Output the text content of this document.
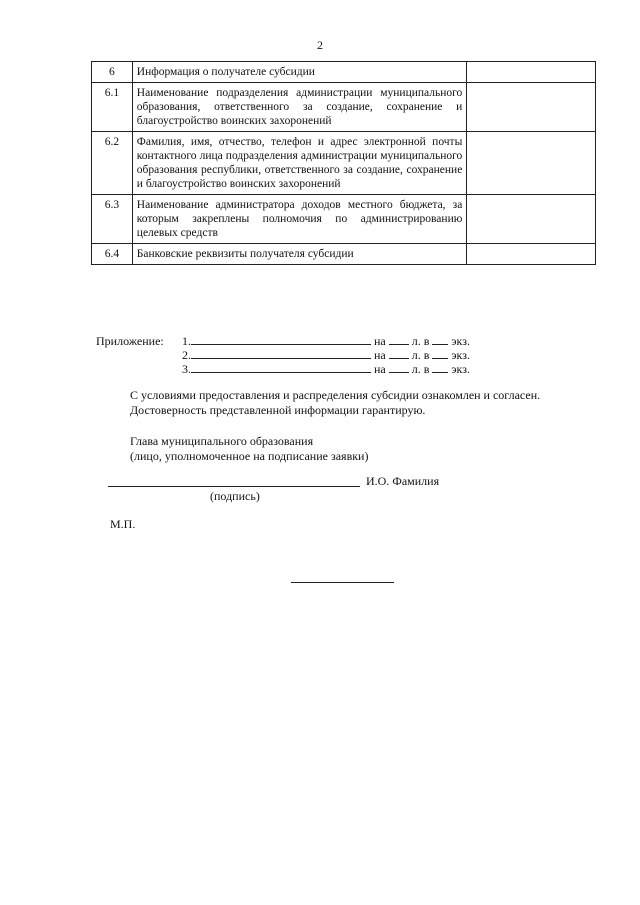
2
6	Информация о получателе субсидии	
6.1	Наименование подразделения администрации муниципального образования, ответственного за создание, сохранение и благоустройство воинских захоронений	
6.2	Фамилия, имя, отчество, телефон и адрес электронной почты контактного лица подразделения администрации муниципального образования республики, ответственного за создание, сохранение и благоустройство воинских захоронений	
6.3	Наименование администратора доходов местного бюджета, за которым закреплены полномочия по администрированию целевых средств	
6.4	Банковские реквизиты получателя субсидии	
Приложение: 1.	на л. в экз.
2.	на л. в экз.
3.	на л. в экз.
С условиями предоставления и распределения субсидии ознакомлен и согласен.
Достоверность представленной информации гарантирую.
Глава муниципального образования
(лицо, уполномоченное на подписание заявки)
И.О. Фамилия
(подпись)
М.П.
